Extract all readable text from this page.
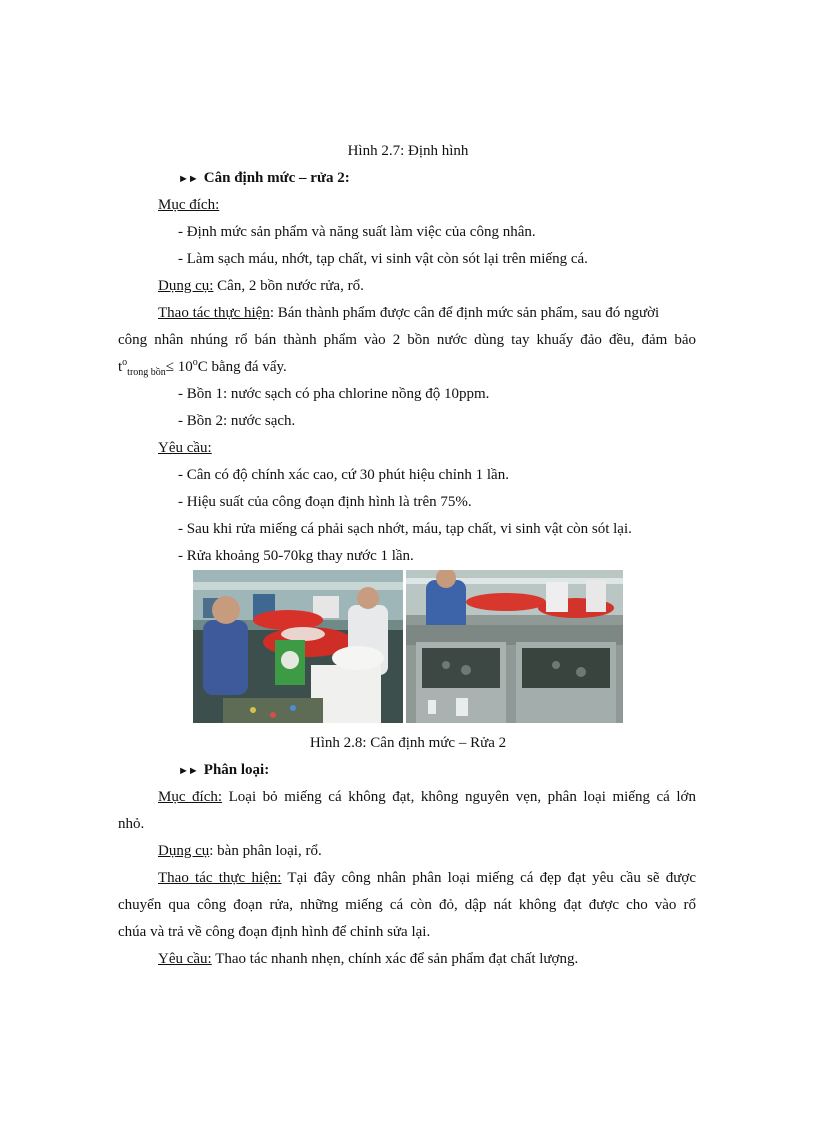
Hình 2.7: Định hình
►► Cân định mức – rửa 2:
Mục đích:
- Định mức sản phẩm và năng suất làm việc của công nhân.
- Làm sạch máu, nhớt, tạp chất, vi sinh vật còn sót lại trên miếng cá.
Dụng cụ: Cân, 2 bồn nước rửa, rổ.
Thao tác thực hiện: Bán thành phẩm được cân để định mức sản phẩm, sau đó người
công nhân nhúng rổ bán thành phẩm vào 2 bồn nước dùng tay khuấy đảo đều, đảm bảo
$t^o_{trong bồn}\le 10^oC$ bằng đá vẩy.
- Bồn 1: nước sạch có pha chlorine nồng độ 10ppm.
- Bồn 2: nước sạch.
Yêu cầu:
- Cân có độ chính xác cao, cứ 30 phút hiệu chỉnh 1 lần.
- Hiệu suất của công đoạn định hình là trên 75%.
- Sau khi rửa miếng cá phải sạch nhớt, máu, tạp chất, vi sinh vật còn sót lại.
- Rửa khoảng 50-70kg thay nước 1 lần.
Hình 2.8: Cân định mức – Rửa 2
►► Phân loại:
Mục đích: Loại bỏ miếng cá không đạt, không nguyên vẹn, phân loại miếng cá lớn
nhỏ.
Dụng cụ: bàn phân loại, rổ.
Thao tác thực hiện: Tại đây công nhân phân loại miếng cá đẹp đạt yêu cầu sẽ được
chuyển qua công đoạn rửa, những miếng cá còn đỏ, dập nát không đạt được cho vào rổ
chúa và trả về công đoạn định hình để chỉnh sửa lại.
Yêu cầu: Thao tác nhanh nhẹn, chính xác để sản phẩm đạt chất lượng.
